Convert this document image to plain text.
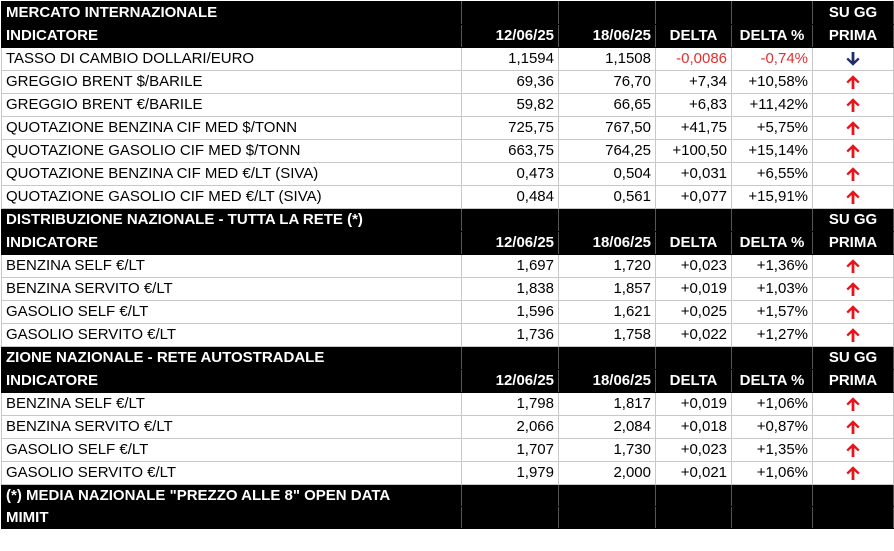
MERCATO INTERNAZIONALE					SU GG
INDICATORE	12/06/25	18/06/25	DELTA	DELTA %	PRIMA
TASSO DI CAMBIO DOLLARI/EURO	1,1594	1,1508	-0,0086	-0,74%	
GREGGIO BRENT $/BARILE	69,36	76,70	+7,34	+10,58%	
GREGGIO BRENT €/BARILE	59,82	66,65	+6,83	+11,42%	
QUOTAZIONE BENZINA CIF MED $/TONN	725,75	767,50	+41,75	+5,75%	
QUOTAZIONE GASOLIO CIF MED $/TONN	663,75	764,25	+100,50	+15,14%	
QUOTAZIONE BENZINA CIF MED €/LT (SIVA)	0,473	0,504	+0,031	+6,55%	
QUOTAZIONE GASOLIO CIF MED €/LT (SIVA)	0,484	0,561	+0,077	+15,91%	
DISTRIBUZIONE NAZIONALE - TUTTA LA RETE (*)					SU GG
INDICATORE	12/06/25	18/06/25	DELTA	DELTA %	PRIMA
BENZINA SELF €/LT	1,697	1,720	+0,023	+1,36%	
BENZINA SERVITO €/LT	1,838	1,857	+0,019	+1,03%	
GASOLIO SELF €/LT	1,596	1,621	+0,025	+1,57%	
GASOLIO SERVITO €/LT	1,736	1,758	+0,022	+1,27%	
ZIONE NAZIONALE - RETE AUTOSTRADALE					SU GG
INDICATORE	12/06/25	18/06/25	DELTA	DELTA %	PRIMA
BENZINA SELF €/LT	1,798	1,817	+0,019	+1,06%	
BENZINA SERVITO €/LT	2,066	2,084	+0,018	+0,87%	
GASOLIO SELF €/LT	1,707	1,730	+0,023	+1,35%	
GASOLIO SERVITO €/LT	1,979	2,000	+0,021	+1,06%	
(*) MEDIA NAZIONALE "PREZZO ALLE 8" OPEN DATA					
MIMIT					
